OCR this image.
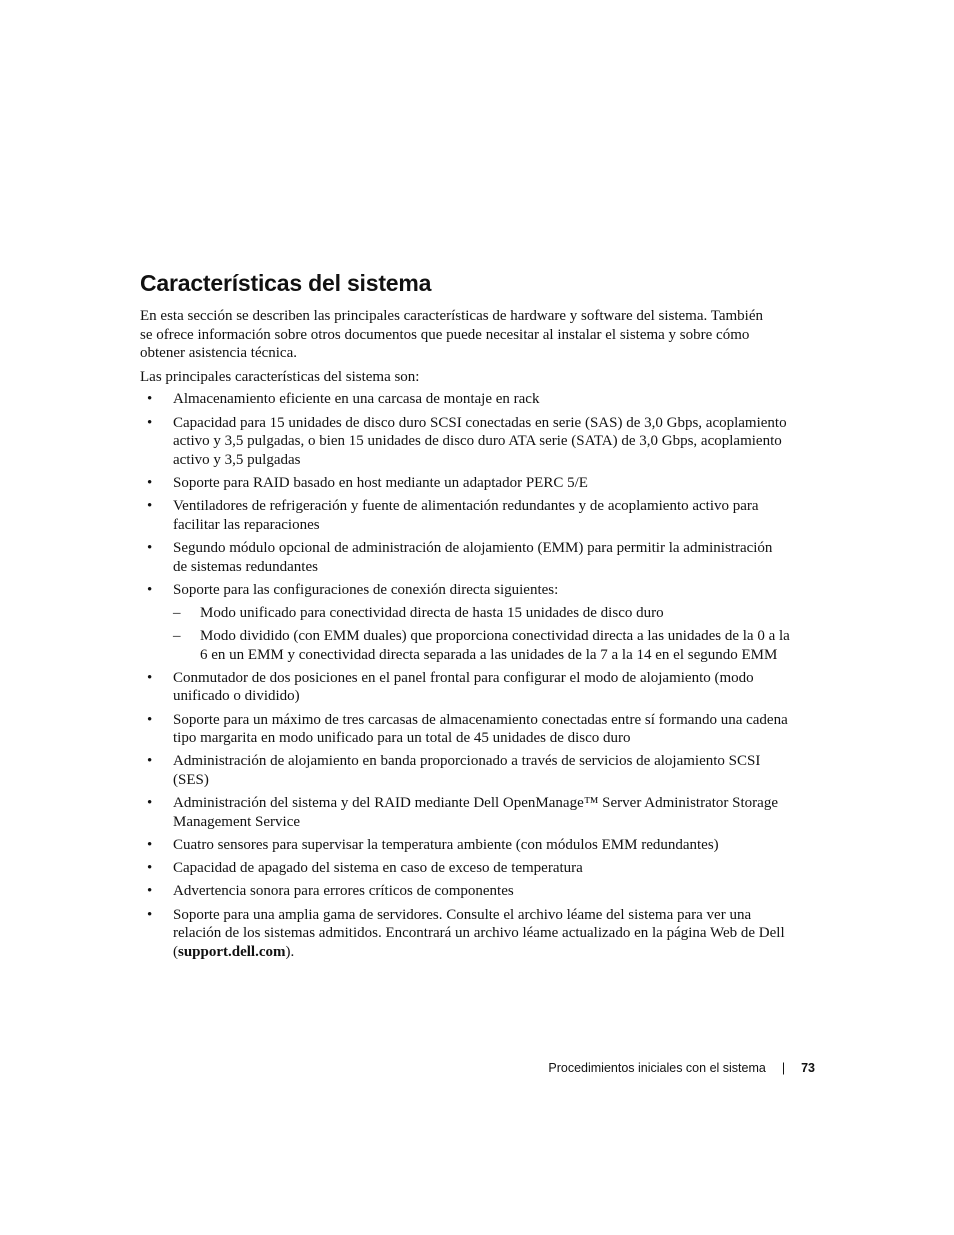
Características del sistema

En esta sección se describen las principales características de hardware y software del sistema. También se ofrece información sobre otros documentos que puede necesitar al instalar el sistema y sobre cómo obtener asistencia técnica.

Las principales características del sistema son:

• Almacenamiento eficiente en una carcasa de montaje en rack
• Capacidad para 15 unidades de disco duro SCSI conectadas en serie (SAS) de 3,0 Gbps, acoplamiento activo y 3,5 pulgadas, o bien 15 unidades de disco duro ATA serie (SATA) de 3,0 Gbps, acoplamiento activo y 3,5 pulgadas
• Soporte para RAID basado en host mediante un adaptador PERC 5/E
• Ventiladores de refrigeración y fuente de alimentación redundantes y de acoplamiento activo para facilitar las reparaciones
• Segundo módulo opcional de administración de alojamiento (EMM) para permitir la administración de sistemas redundantes
• Soporte para las configuraciones de conexión directa siguientes:
– Modo unificado para conectividad directa de hasta 15 unidades de disco duro
– Modo dividido (con EMM duales) que proporciona conectividad directa a las unidades de la 0 a la 6 en un EMM y conectividad directa separada a las unidades de la 7 a la 14 en el segundo EMM
• Conmutador de dos posiciones en el panel frontal para configurar el modo de alojamiento (modo unificado o dividido)
• Soporte para un máximo de tres carcasas de almacenamiento conectadas entre sí formando una cadena tipo margarita en modo unificado para un total de 45 unidades de disco duro
• Administración de alojamiento en banda proporcionado a través de servicios de alojamiento SCSI (SES)
• Administración del sistema y del RAID mediante Dell OpenManage™ Server Administrator Storage Management Service
• Cuatro sensores para supervisar la temperatura ambiente (con módulos EMM redundantes)
• Capacidad de apagado del sistema en caso de exceso de temperatura
• Advertencia sonora para errores críticos de componentes
• Soporte para una amplia gama de servidores. Consulte el archivo léame del sistema para ver una relación de los sistemas admitidos. Encontrará un archivo léame actualizado en la página Web de Dell (support.dell.com).
Procedimientos iniciales con el sistema | 73
